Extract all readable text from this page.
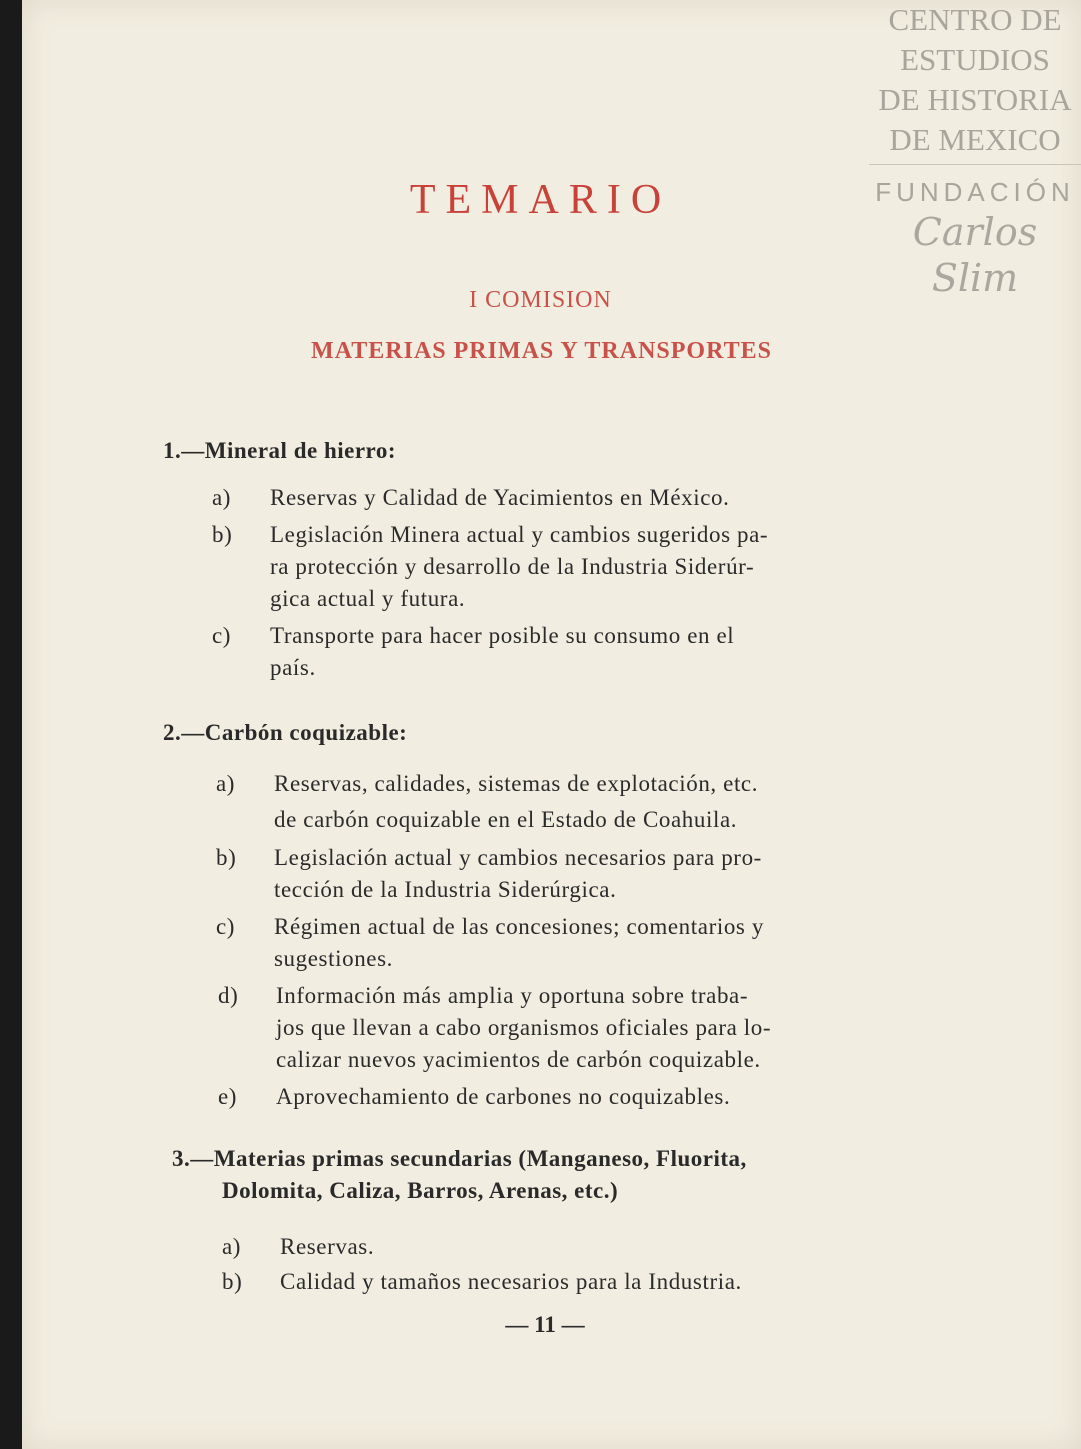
CENTRO DE
ESTUDIOS
DE HISTORIA
DE MEXICO
FUNDACIÓN
Carlos Slim
TEMARIO
I COMISION
MATERIAS PRIMAS Y TRANSPORTES
1.—Mineral de hierro:
a) Reservas y Calidad de Yacimientos en México.
b) Legislación Minera actual y cambios sugeridos pa-
ra protección y desarrollo de la Industria Siderúr-
gica actual y futura.
c) Transporte para hacer posible su consumo en el
país.
2.—Carbón coquizable:
a) Reservas, calidades, sistemas de explotación, etc.
de carbón coquizable en el Estado de Coahuila.
b) Legislación actual y cambios necesarios para pro-
tección de la Industria Siderúrgica.
c) Régimen actual de las concesiones; comentarios y
sugestiones.
d) Información más amplia y oportuna sobre traba-
jos que llevan a cabo organismos oficiales para lo-
calizar nuevos yacimientos de carbón coquizable.
e) Aprovechamiento de carbones no coquizables.
3.—Materias primas secundarias (Manganeso, Fluorita,
Dolomita, Caliza, Barros, Arenas, etc.)
a) Reservas.
b) Calidad y tamaños necesarios para la Industria.
— 11 —
